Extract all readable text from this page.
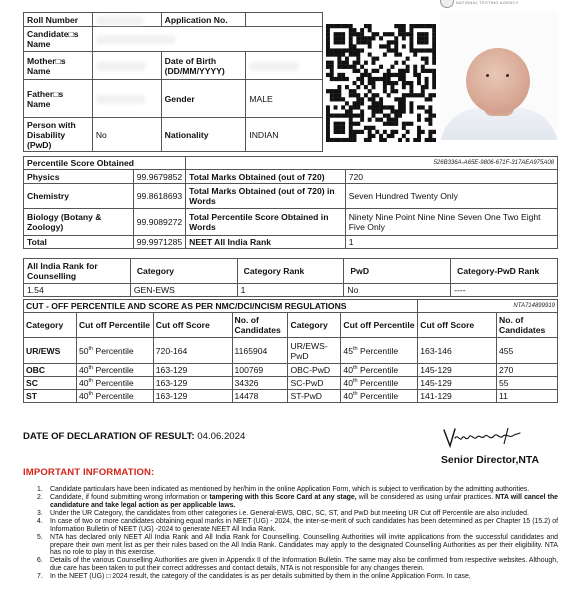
NATIONAL TESTING AGENCY
Roll Number		Application No.	
Candidate□s Name			
Mother□s Name		Date of Birth (DD/MM/YYYY)	
Father□s Name		Gender	MALE
Person with Disability (PwD)	No	Nationality	INDIAN
Percentile Score Obtained		526B336A-A65E-9806-671F-317AEA975A08	
Physics	99.9679852	Total Marks Obtained (out of 720)	720
Chemistry	99.8618693	Total Marks Obtained (out of 720) in Words	Seven Hundred Twenty Only
Biology (Botany & Zoology)	99.9089272	Total Percentile Score Obtained in Words	Ninety Nine Point Nine Nine Seven One Two Eight Five Only
Total	99.9971285	NEET All India Rank	1
All India Rank for Counselling	Category	Category Rank	PwD	Category-PwD Rank
1.54	GEN-EWS	1	No	----
CUT - OFF PERCENTILE AND SCORE AS PER NMC/DCI/NCISM REGULATIONS						NTA714899919	
Category	Cut off Percentile	Cut off Score	No. of Candidates	Category	Cut off Percentile	Cut off Score	No. of Candidates
UR/EWS	50th Percentile	720-164	1165904	UR/EWS-PwD	45th Percentile	163-146	455
OBC	40th Percentile	163-129	100769	OBC-PwD	40th Percentile	145-129	270
SC	40th Percentile	163-129	34326	SC-PwD	40th Percentile	145-129	55
ST	40th Percentile	163-129	14478	ST-PwD	40th Percentile	141-129	11
DATE OF DECLARATION OF RESULT: 04.06.2024
Senior Director,NTA
IMPORTANT INFORMATION:
1. Candidate particulars have been indicated as mentioned by her/him in the online Application Form, which is subject to verification by the admitting authorities.
2. Candidate, if found submitting wrong information or tampering with this Score Card at any stage, will be considered as using unfair practices. NTA will cancel the candidature and take legal action as per applicable laws.
3. Under the UR Category, the candidates from other categories i.e. General-EWS, OBC, SC, ST, and PwD but meeting UR Cut off Percentile are also included.
4. In case of two or more candidates obtaining equal marks in NEET (UG) - 2024, the inter-se-merit of such candidates has been determined as per Chapter 15 (15.2) of Information Bulletin of NEET (UG) -2024 to generate NEET All India Rank.
5. NTA has declared only NEET All India Rank and All India Rank for Counselling. Counselling Authorities will invite applications from the successful candidates and prepare their own merit list as per their rules based on the All India Rank. Candidates may apply to the designated Counselling Authorities as per their eligibility. NTA has no role to play in this exercise.
6. Details of the various Counselling Authorities are given in Appendix II of the Information Bulletin. The same may also be confirmed from respective websites. Although, due care has been taken to put their correct addresses and contact details, NTA is not responsible for any changes therein.
7. In the NEET (UG) □ 2024 result, the category of the candidates is as per details submitted by them in the online Application Form. In case,
